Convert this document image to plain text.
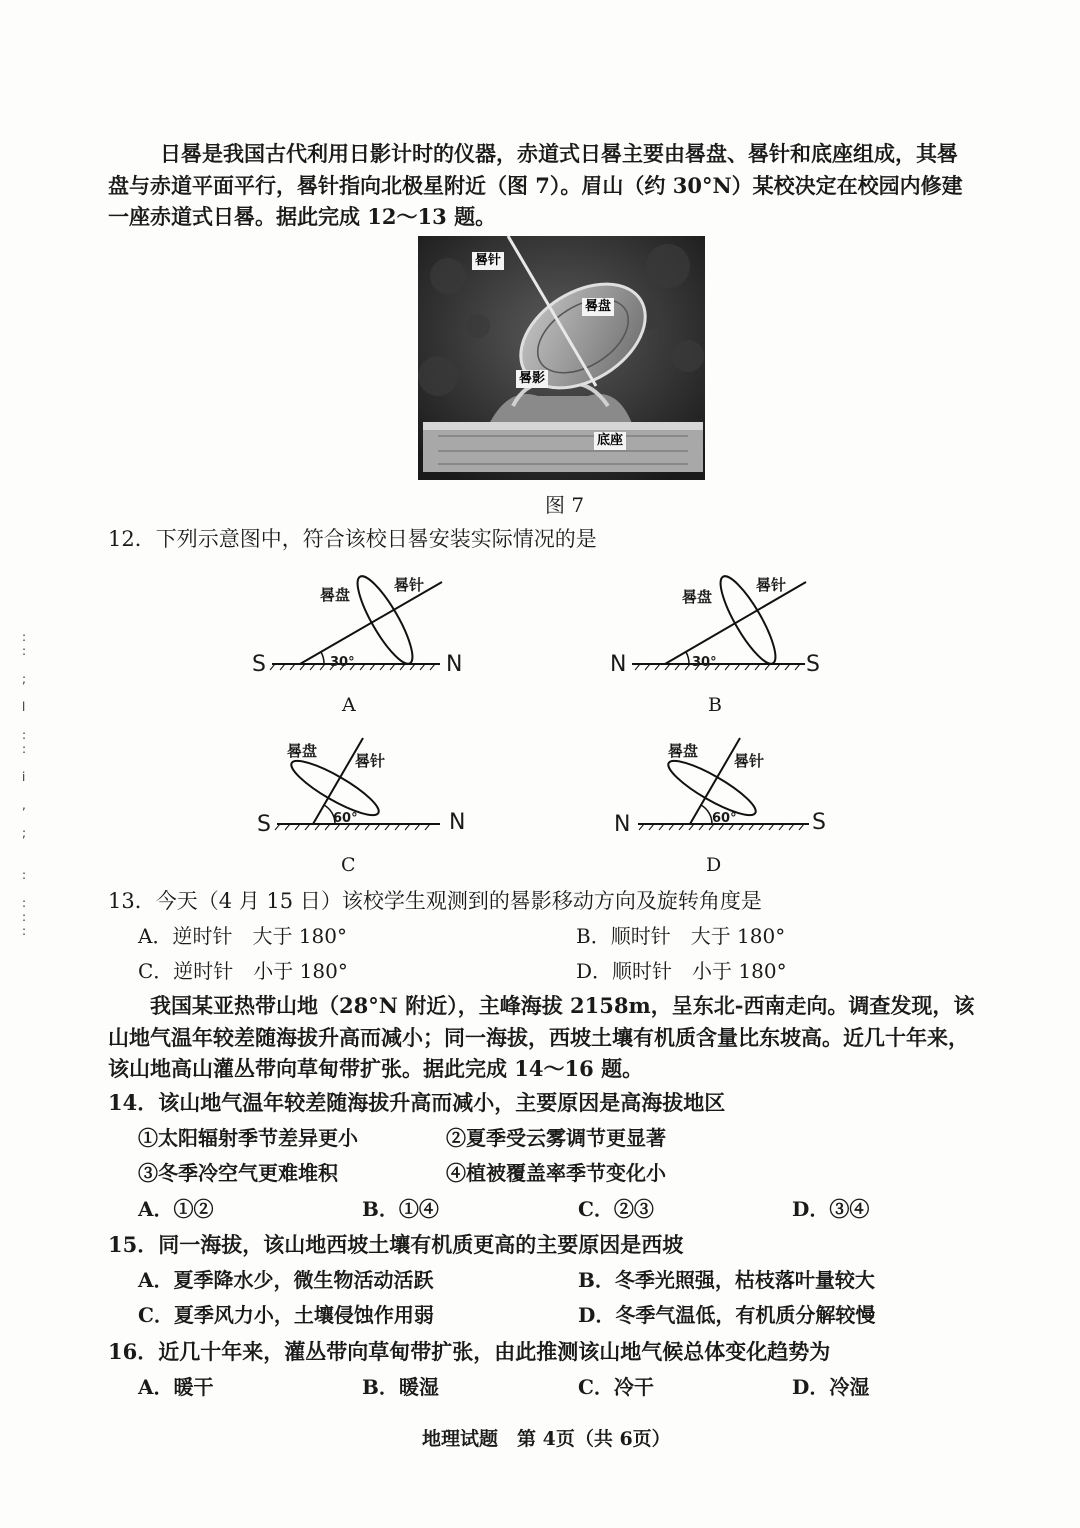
:
:

;

l

:
:

i

,

;

:

:
:
:
日晷是我国古代利用日影计时的仪器，赤道式日晷主要由晷盘、晷针和底座组成，其晷盘与赤道平面平行，晷针指向北极星附近（图 7）。眉山（约 30°N）某校决定在校园内修建一座赤道式日晷。据此完成 12～13 题。
晷针
晷盘
晷影
底座
图 7
12．下列示意图中，符合该校日晷安装实际情况的是
S	N
30°
晷盘
晷针
A
N	S
30°
晷盘
晷针
B
S	N
60°
晷盘
晷针
C
N	S
60°
晷盘
晷针
D
13．今天（4 月 15 日）该校学生观测到的晷影移动方向及旋转角度是
A．逆时针　大于 180°	B．顺时针　大于 180°
C．逆时针　小于 180°	D．顺时针　小于 180°
我国某亚热带山地（28°N 附近），主峰海拔 2158m，呈东北-西南走向。调查发现，该山地气温年较差随海拔升高而减小；同一海拔，西坡土壤有机质含量比东坡高。近几十年来，该山地高山灌丛带向草甸带扩张。据此完成 14～16 题。
14．该山地气温年较差随海拔升高而减小，主要原因是高海拔地区
①太阳辐射季节差异更小	②夏季受云雾调节更显著
③冬季冷空气更难堆积	④植被覆盖率季节变化小
A．①②	B．①④	C．②③	D．③④
15．同一海拔，该山地西坡土壤有机质更高的主要原因是西坡
A．夏季降水少，微生物活动活跃	B．冬季光照强，枯枝落叶量较大
C．夏季风力小，土壤侵蚀作用弱	D．冬季气温低，有机质分解较慢
16．近几十年来，灌丛带向草甸带扩张，由此推测该山地气候总体变化趋势为
A．暖干	B．暖湿	C．冷干	D．冷湿
地理试题　第 4页（共 6页）
